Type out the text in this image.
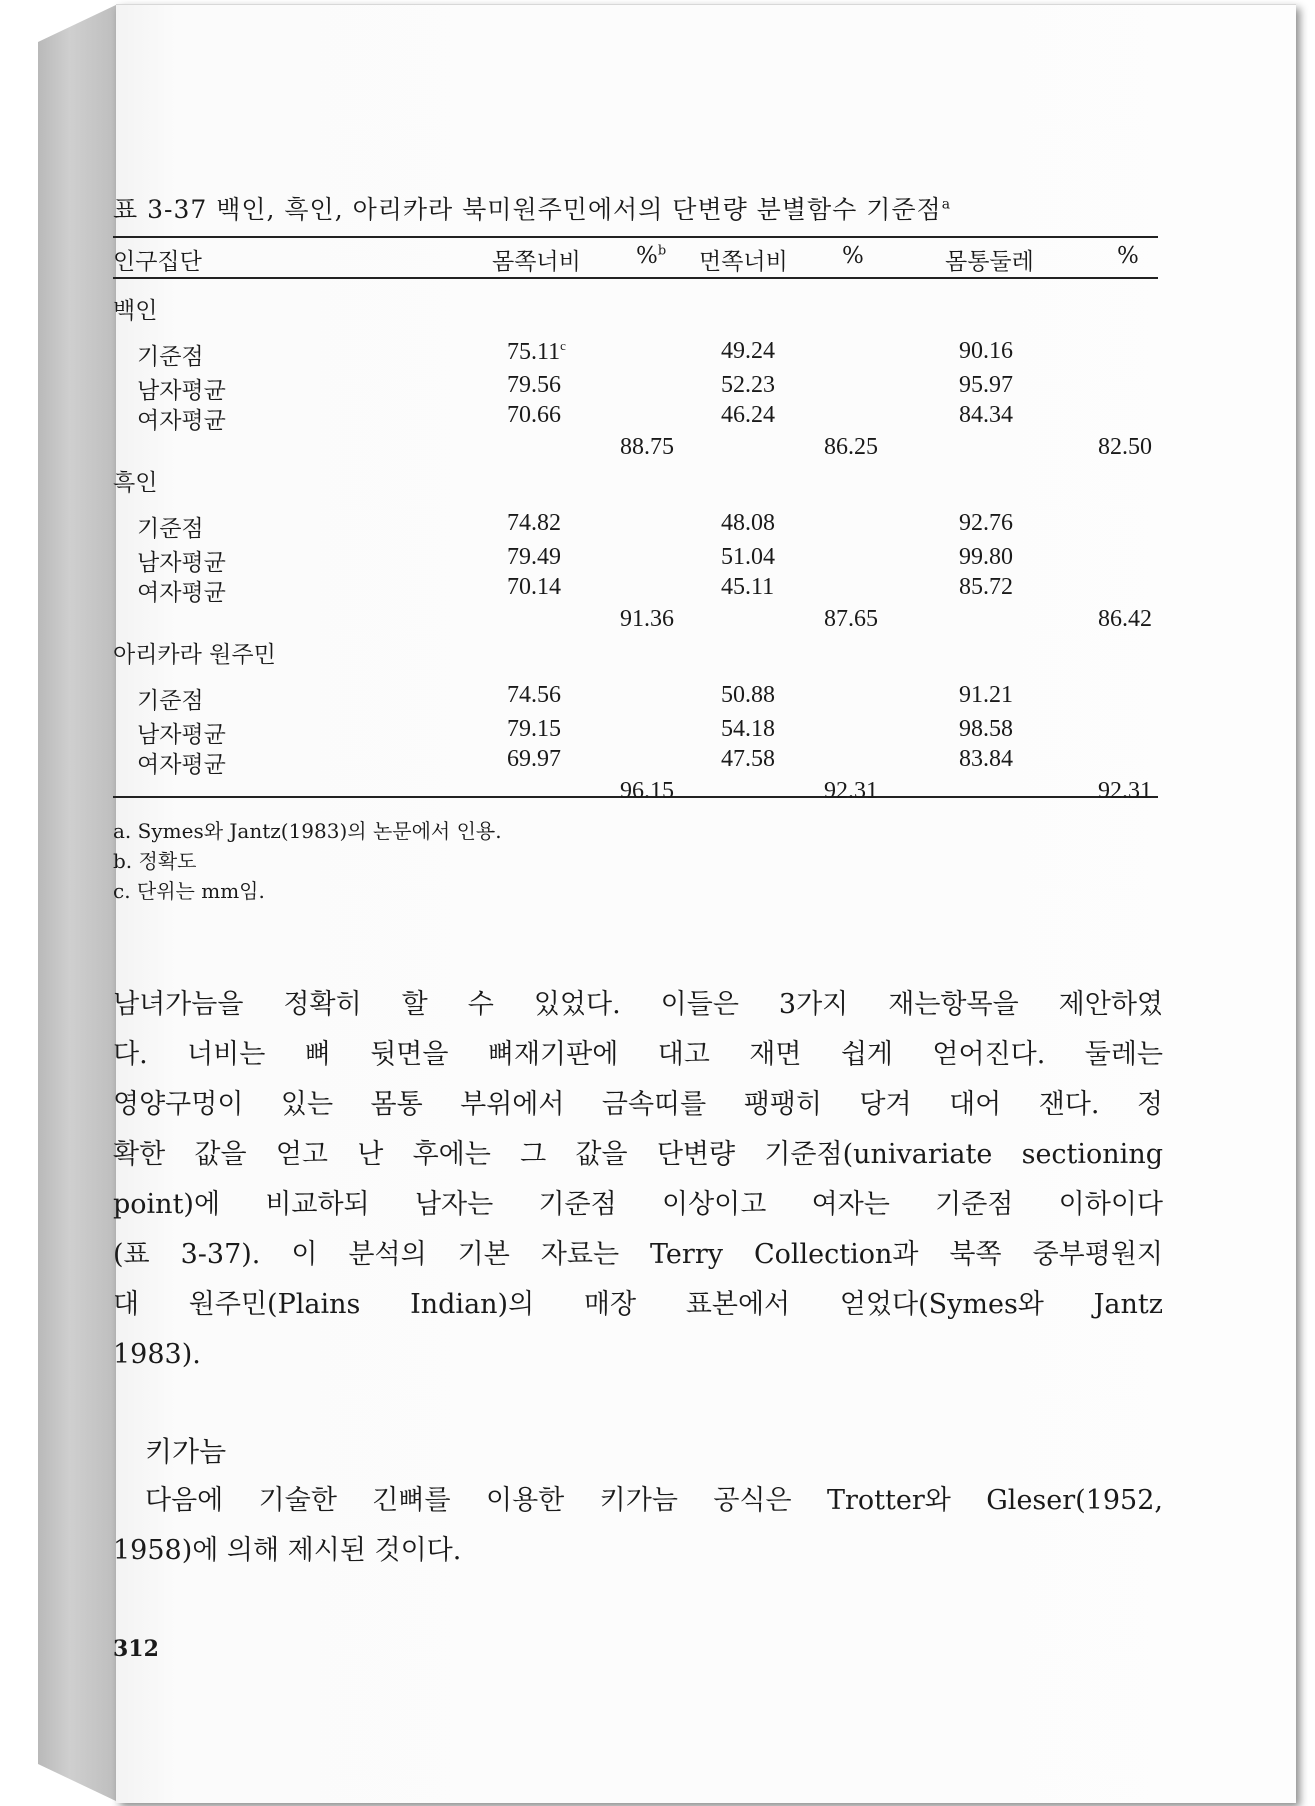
표 3-37 백인, 흑인, 아리카라 북미원주민에서의 단변량 분별함수 기준점$^a$
인구집단	몸쪽너비 %$^b$ 먼쪽너비 %	몸통둘레	%
백인
기준점	75.11$^c$	49.24	90.16
남자평균	79.56	52.23	95.97
여자평균	70.66	46.24	84.34
88.75	86.25	82.50
흑인
기준점	74.82	48.08	92.76
남자평균	79.49	51.04	99.80
여자평균	70.14	45.11	85.72
91.36	87.65	86.42
아리카라 원주민
기준점	74.56	50.88	91.21
남자평균	79.15	54.18	98.58
여자평균	69.97	47.58	83.84
96.15	92.31	92.31
a. Symes와 Jantz(1983)의 논문에서 인용.
b. 정확도
c. 단위는 mm임.
남녀가늠을 정확히 할 수 있었다. 이들은 3가지 재는항목을 제안하였
다. 너비는 뼈 뒷면을 뼈재기판에 대고 재면 쉽게 얻어진다. 둘레는
영양구멍이 있는 몸통 부위에서 금속띠를 팽팽히 당겨 대어 잰다. 정
확한 값을 얻고 난 후에는 그 값을 단변량 기준점(univariate sectioning
point)에 비교하되 남자는 기준점 이상이고 여자는 기준점 이하이다
(표 3-37). 이 분석의 기본 자료는 Terry Collection과 북쪽 중부평원지
대 원주민(Plains Indian)의 매장 표본에서 얻었다(Symes와 Jantz
1983).
키가늠
다음에 기술한 긴뼈를 이용한 키가늠 공식은 Trotter와 Gleser(1952,
1958)에 의해 제시된 것이다.
312
